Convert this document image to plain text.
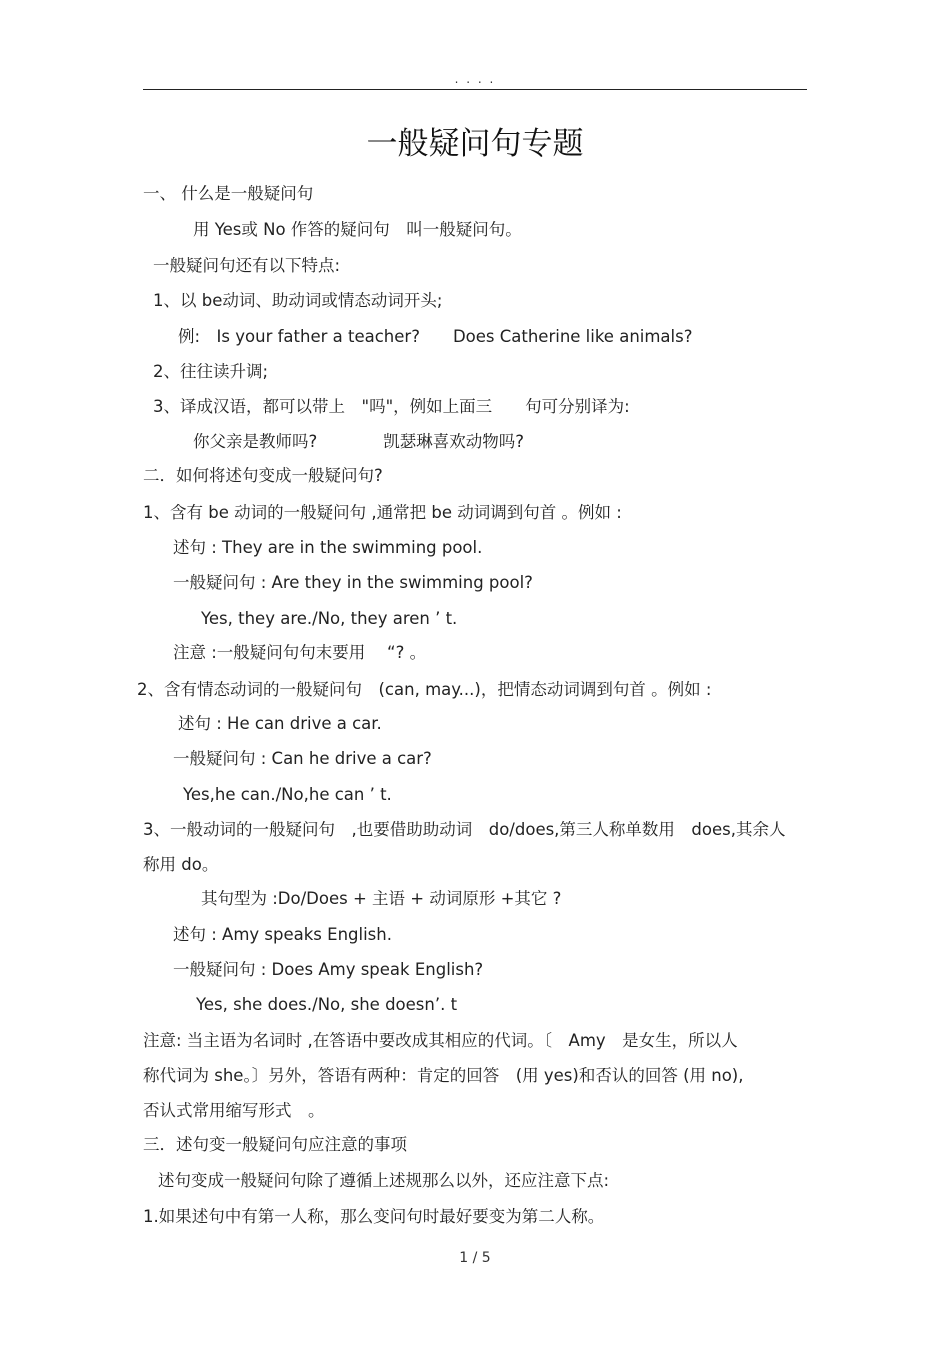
. . . .
一般疑问句专题
一、 什么是一般疑问句
用 Yes或 No 作答的疑问句　叫一般疑问句。
一般疑问句还有以下特点:
1、以 be动词、助动词或情态动词开头;
例:　Is your father a teacher?　　Does Catherine like animals?
2、往往读升调;
3、译成汉语，都可以带上　"吗"，例如上面三　　句可分别译为:
你父亲是教师吗?　　　　凯瑟琳喜欢动物吗?
二．如何将述句变成一般疑问句?
1、含有 be 动词的一般疑问句 ,通常把 be 动词调到句首 。例如 :
述句 : They are in the swimming pool.
一般疑问句 : Are they in the swimming pool?
Yes, they are./No, they aren ’ t.
注意 :一般疑问句句末要用　 “? 。
2、含有情态动词的一般疑问句　(can, may...)，把情态动词调到句首 。例如 :
述句 : He can drive a car.
一般疑问句 : Can he drive a car?
Yes,he can./No,he can ’ t.
3、一般动词的一般疑问句　,也要借助助动词　do/does,第三人称单数用　does,其余人
称用 do。
其句型为 :Do/Does + 主语 + 动词原形 +其它 ?
述句 : Amy speaks English.
一般疑问句 : Does Amy speak English?
Yes, she does./No, she doesn’. t
注意: 当主语为名词时 ,在答语中要改成其相应的代词。〔　Amy　是女生，所以人
称代词为 she。〕另外，答语有两种：肯定的回答　(用 yes)和否认的回答 (用 no),
否认式常用缩写形式　。
三．述句变一般疑问句应注意的事项
述句变成一般疑问句除了遵循上述规那么以外，还应注意下点:
1.如果述句中有第一人称，那么变问句时最好要变为第二人称。
1 / 5
